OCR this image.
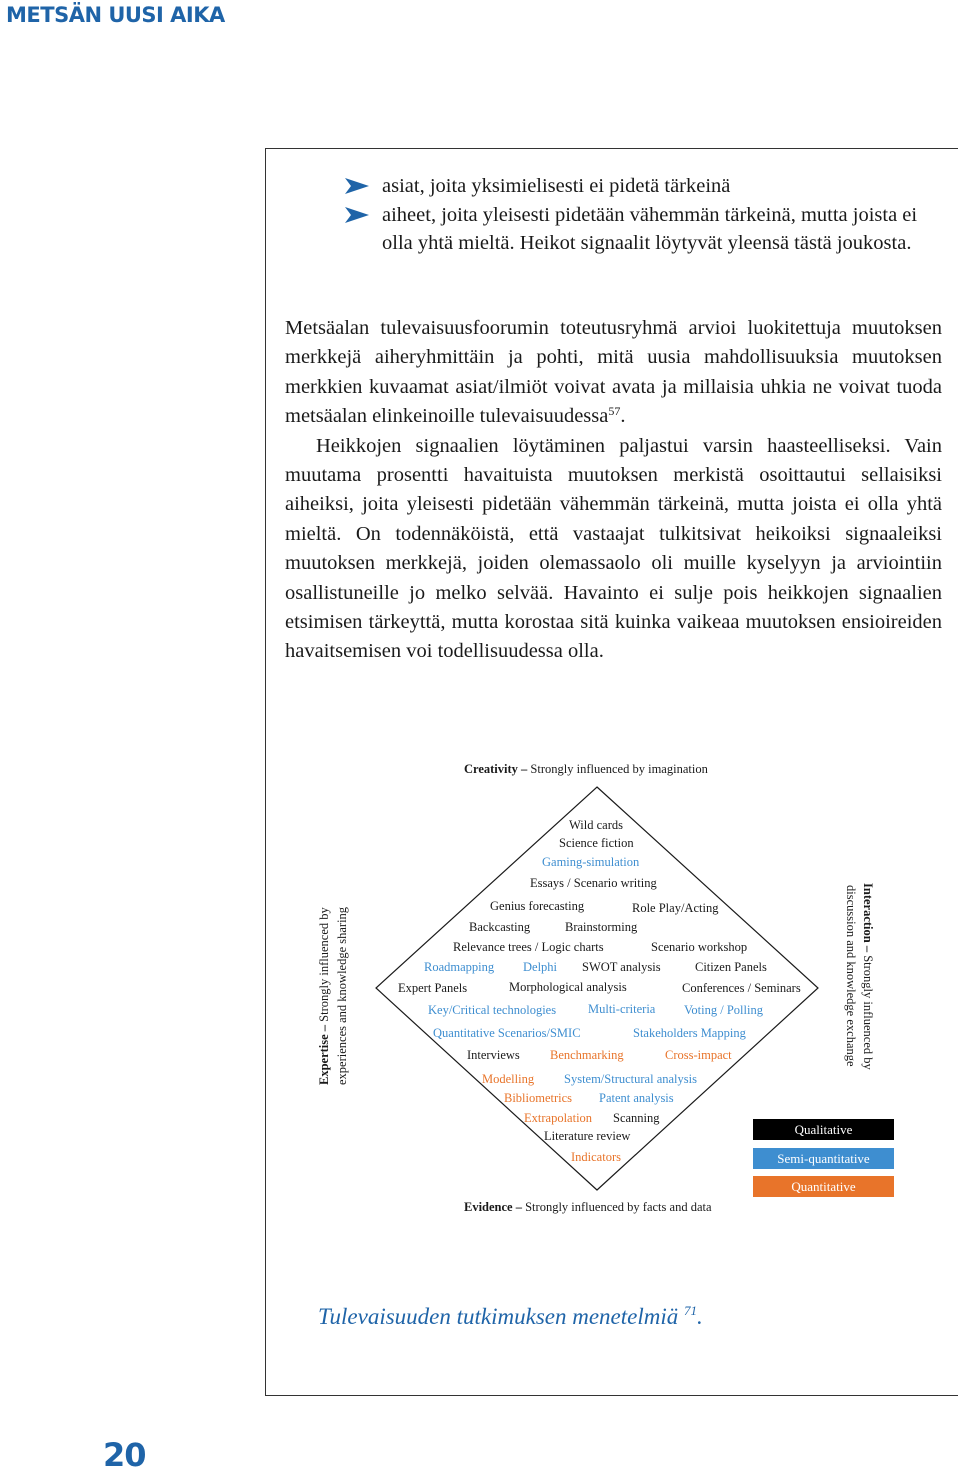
METSÄN UUSI AIKA

asiat, joita yksimielisesti ei pidetä tärkeinä

aiheet, joita yleisesti pidetään vähemmän tärkeinä, mutta joista ei olla yhtä mieltä. Heikot signaalit löytyvät yleensä tästä joukosta.

Metsäalan tulevaisuusfoorumin toteutusryhmä arvioi luokitettuja muutoksen merkkejä aiheryhmittäin ja pohti, mitä uusia mahdollisuuksia muutoksen merkkien kuvaamat asiat/ilmiöt voivat avata ja millaisia uhkia ne voivat tuoda metsäalan elinkeinoille tulevaisuudessa$^{57}$.

Heikkojen signaalien löytäminen paljastui varsin haasteelliseksi. Vain muutama prosentti havaituista muutoksen merkistä osoittautui sellaisiksi aiheiksi, joita yleisesti pidetään vähemmän tärkeinä, mutta joista ei olla yhtä mieltä. On todennäköistä, että vastaajat tulkitsivat heikoiksi signaaleiksi muutoksen merkkejä, joiden olemassaolo oli muille kyselyyn ja arviointiin osallistuneille jo melko selvää. Havainto ei sulje pois heikkojen signaalien etsimisen tärkeyttä, mutta korostaa sitä kuinka vaikeaa muutoksen ensioireiden havaitsemisen voi todellisuudessa olla.

Creativity – Strongly influenced by imagination
Evidence – Strongly influenced by facts and data
Expertise – Strongly influenced by experiences and knowledge sharing	Interaction – Strongly influenced by
discussion and knowledge exchange
Wild cards
Science fiction
Gaming-simulation
Essays / Scenario writing
Genius forecasting	Role Play/Acting
Backcasting	Brainstorming
Relevance trees / Logic charts	Scenario workshop
Roadmapping Delphi SWOT analysis	Citizen Panels
Expert Panels	Morphological analysis	Conferences / Seminars
Key/Critical technologies	Multi-criteria Voting / Polling
Quantitative Scenarios/SMIC	Stakeholders Mapping
Interviews Benchmarking	Cross-impact
Modelling System/Structural analysis
Bibliometrics Patent analysis
Extrapolation Scanning
Literature review
Indicators
Qualitative
Semi-quantitative
Quantitative
Tulevaisuuden tutkimuksen menetelmiä $^{71}$.
20
